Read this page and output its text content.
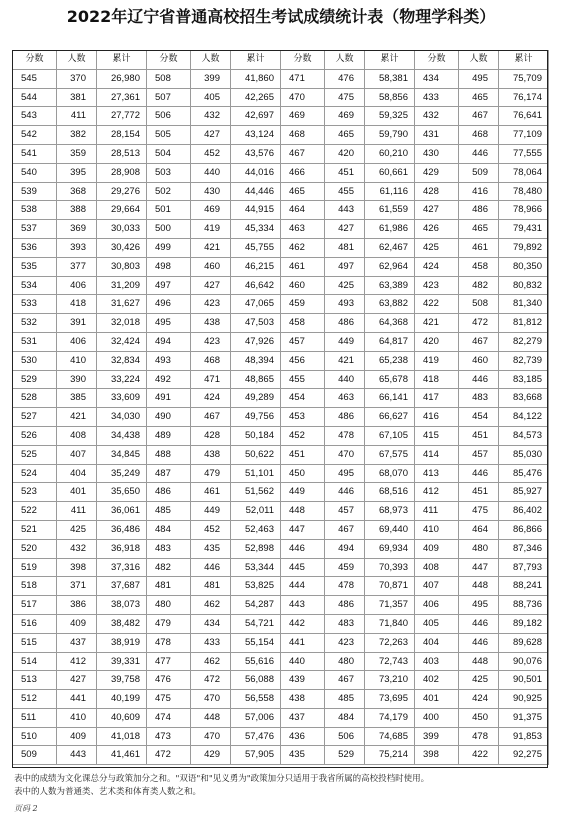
2022年辽宁省普通高校招生考试成绩统计表（物理学科类）
分数	人数	累计	分数	人数	累计	分数	人数	累计	分数	人数	累计
545	370	26,980	508	399	41,860	471	476	58,381	434	495	75,709
544	381	27,361	507	405	42,265	470	475	58,856	433	465	76,174
543	411	27,772	506	432	42,697	469	469	59,325	432	467	76,641
542	382	28,154	505	427	43,124	468	465	59,790	431	468	77,109
541	359	28,513	504	452	43,576	467	420	60,210	430	446	77,555
540	395	28,908	503	440	44,016	466	451	60,661	429	509	78,064
539	368	29,276	502	430	44,446	465	455	61,116	428	416	78,480
538	388	29,664	501	469	44,915	464	443	61,559	427	486	78,966
537	369	30,033	500	419	45,334	463	427	61,986	426	465	79,431
536	393	30,426	499	421	45,755	462	481	62,467	425	461	79,892
535	377	30,803	498	460	46,215	461	497	62,964	424	458	80,350
534	406	31,209	497	427	46,642	460	425	63,389	423	482	80,832
533	418	31,627	496	423	47,065	459	493	63,882	422	508	81,340
532	391	32,018	495	438	47,503	458	486	64,368	421	472	81,812
531	406	32,424	494	423	47,926	457	449	64,817	420	467	82,279
530	410	32,834	493	468	48,394	456	421	65,238	419	460	82,739
529	390	33,224	492	471	48,865	455	440	65,678	418	446	83,185
528	385	33,609	491	424	49,289	454	463	66,141	417	483	83,668
527	421	34,030	490	467	49,756	453	486	66,627	416	454	84,122
526	408	34,438	489	428	50,184	452	478	67,105	415	451	84,573
525	407	34,845	488	438	50,622	451	470	67,575	414	457	85,030
524	404	35,249	487	479	51,101	450	495	68,070	413	446	85,476
523	401	35,650	486	461	51,562	449	446	68,516	412	451	85,927
522	411	36,061	485	449	52,011	448	457	68,973	411	475	86,402
521	425	36,486	484	452	52,463	447	467	69,440	410	464	86,866
520	432	36,918	483	435	52,898	446	494	69,934	409	480	87,346
519	398	37,316	482	446	53,344	445	459	70,393	408	447	87,793
518	371	37,687	481	481	53,825	444	478	70,871	407	448	88,241
517	386	38,073	480	462	54,287	443	486	71,357	406	495	88,736
516	409	38,482	479	434	54,721	442	483	71,840	405	446	89,182
515	437	38,919	478	433	55,154	441	423	72,263	404	446	89,628
514	412	39,331	477	462	55,616	440	480	72,743	403	448	90,076
513	427	39,758	476	472	56,088	439	467	73,210	402	425	90,501
512	441	40,199	475	470	56,558	438	485	73,695	401	424	90,925
511	410	40,609	474	448	57,006	437	484	74,179	400	450	91,375
510	409	41,018	473	470	57,476	436	506	74,685	399	478	91,853
509	443	41,461	472	429	57,905	435	529	75,214	398	422	92,275
表中的成绩为文化课总分与政策加分之和。"双语"和"见义勇为"政策加分只适用于我省所属的高校投档时使用。
表中的人数为普通类、艺术类和体育类人数之和。
页码 2
